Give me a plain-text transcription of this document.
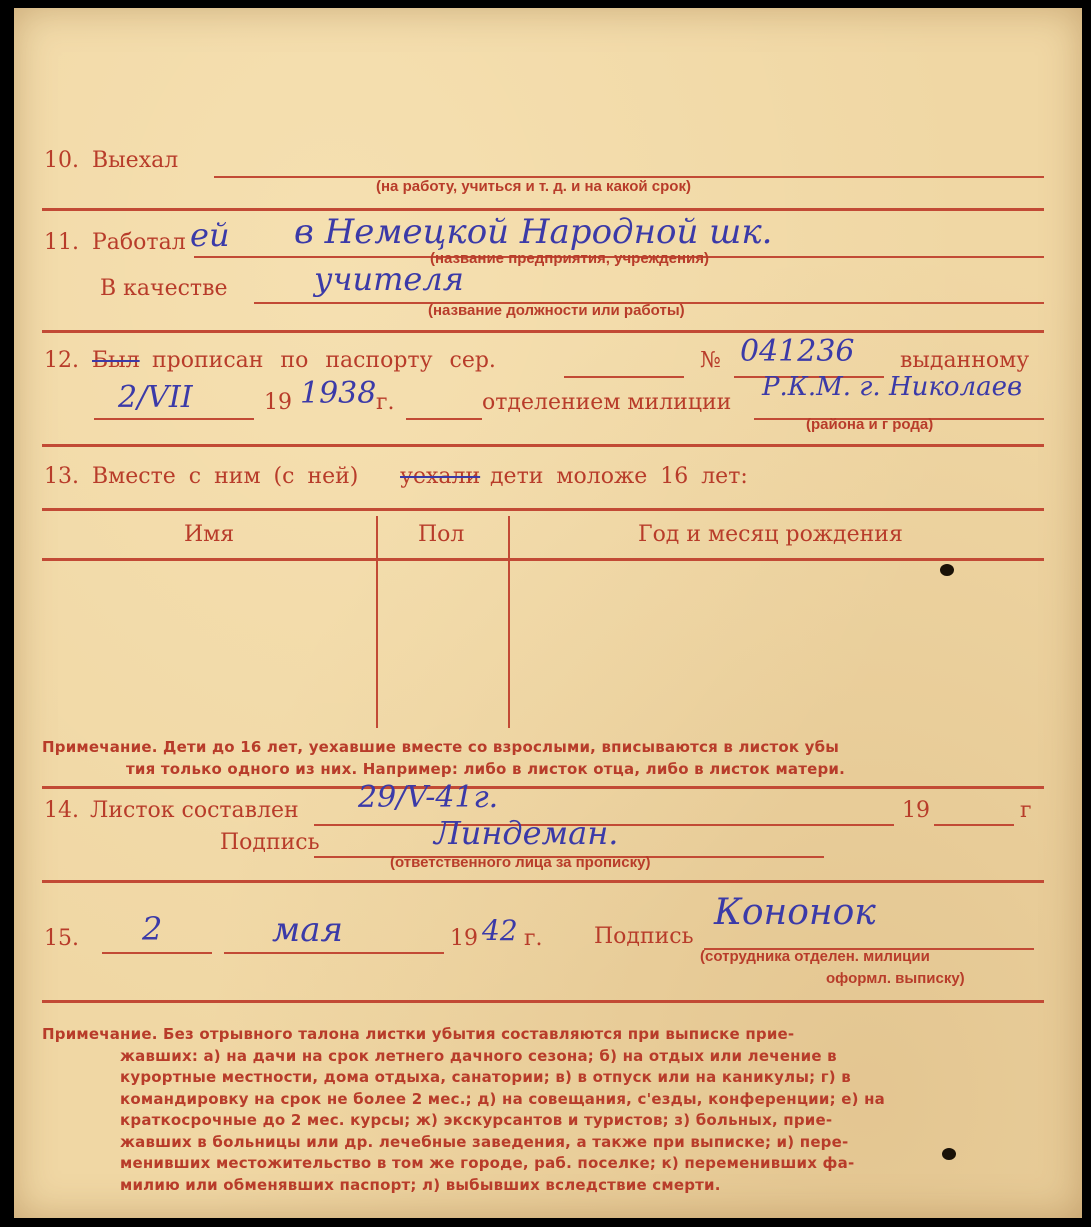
10. Выехал
(на работу, учиться и т. д. и на какой срок)
11. Работал ей в Немецкой Народной шк.
(название предприятия, учреждения)
В качестве	учителя
(название должности или работы)
12. Был прописан по паспорту сер.	№ 041236 выданному
2/VII	19 1938 г.	отделением милиции
Р.К.М. г. Николаев
(района и г рода)
13. Вместе с ним (с ней) уехали дети моложе 16 лет:
Имя	Пол	Год и месяц рождения
Примечание. Дети до 16 лет, уехавшие вместе со взрослыми, вписываются в листок убы
тия только одного из них. Например: либо в листок отца, либо в листок матери.
14. Листок составлен 29/V-41г.	19	г
Подпись	Линдеман.
(ответственного лица за прописку)
15. 2	мая	19 42 г. Подпись
Кононок
(сотрудника отделен. милиции
оформл. выписку)
Примечание. Без отрывного талона листки убытия составляются при выписке прие-
жавших: а) на дачи на срок летнего дачного сезона; б) на отдых или лечение в
курортные местности, дома отдыха, санатории; в) в отпуск или на каникулы; г) в
командировку на срок не более 2 мес.; д) на совещания, с'езды, конференции; е) на
краткосрочные до 2 мес. курсы; ж) экскурсантов и туристов; з) больных, прие-
жавших в больницы или др. лечебные заведения, а также при выписке; и) пере-
менивших местожительство в том же городе, раб. поселке; к) переменивших фа-
милию или обменявших паспорт; л) выбывших вследствие смерти.
